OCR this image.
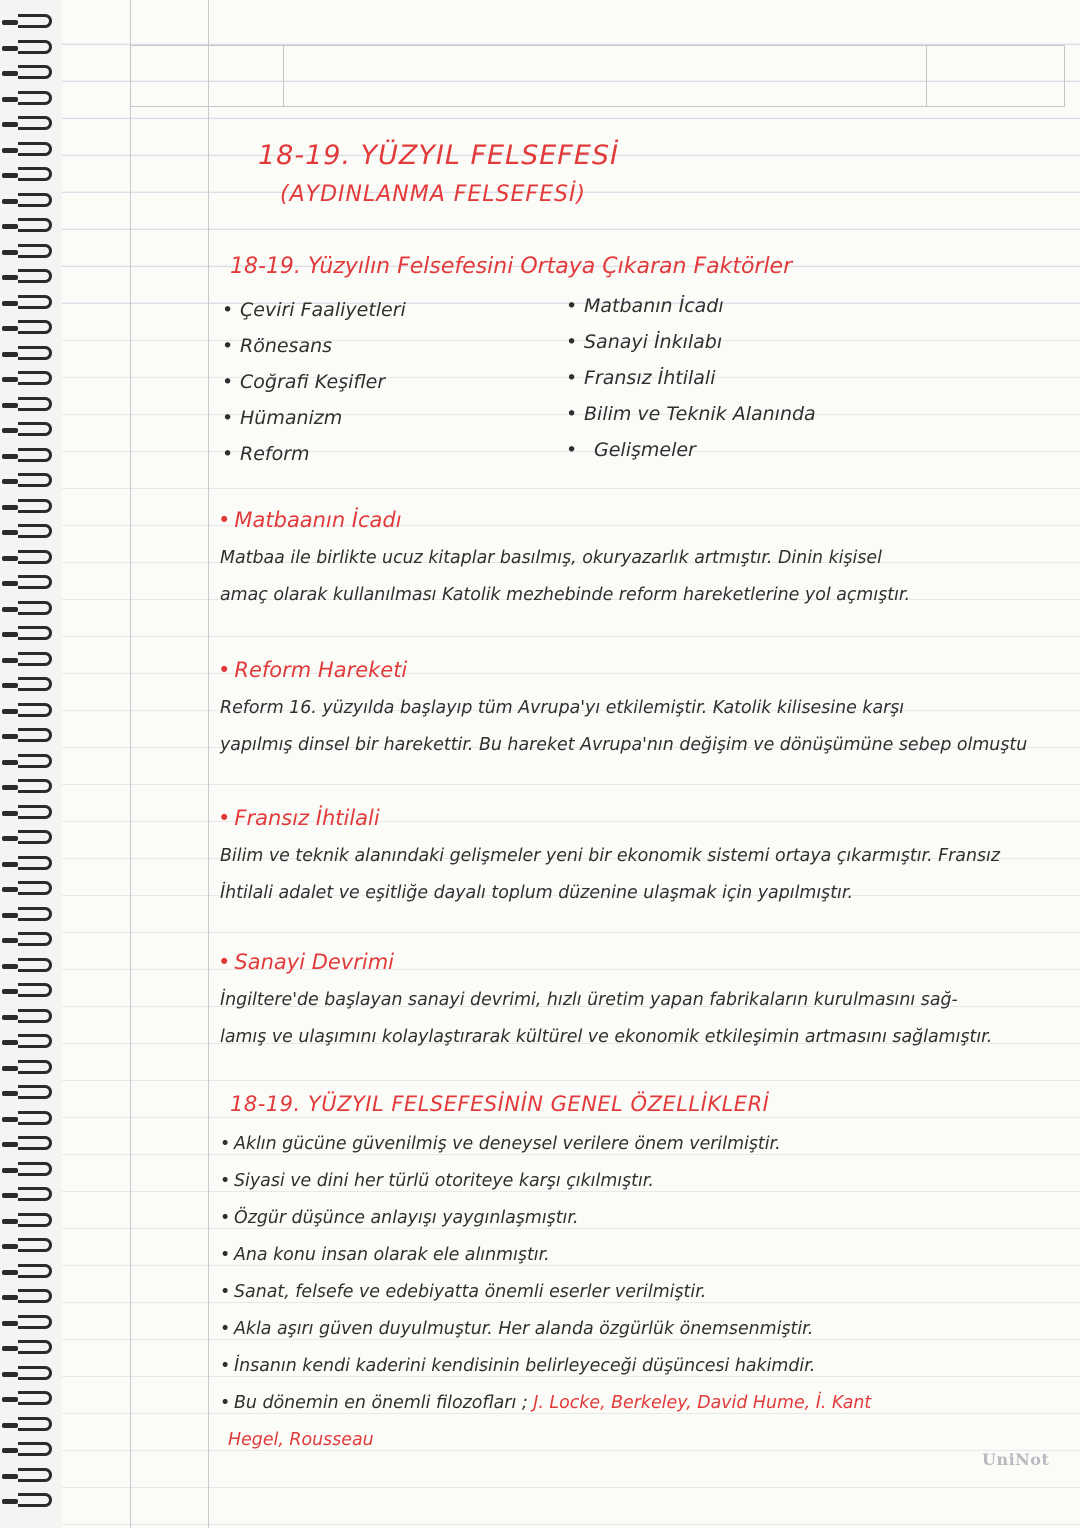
18-19. YÜZYIL FELSEFESİ
(AYDINLANMA FELSEFESİ)
18-19. Yüzyılın Felsefesini Ortaya Çıkaran Faktörler
• Çeviri Faaliyetleri
• Rönesans
• Coğrafi Keşifler
• Hümanizm
• Reform
• Matbanın İcadı
• Sanayi İnkılabı
• Fransız İhtilali
• Bilim ve Teknik Alanında
• Gelişmeler
• Matbaanın İcadı
Matbaa ile birlikte ucuz kitaplar basılmış, okuryazarlık artmıştır. Dinin kişisel
amaç olarak kullanılması Katolik mezhebinde reform hareketlerine yol açmıştır.
• Reform Hareketi
Reform 16. yüzyılda başlayıp tüm Avrupa'yı etkilemiştir. Katolik kilisesine karşı
yapılmış dinsel bir harekettir. Bu hareket Avrupa'nın değişim ve dönüşümüne sebep olmuştu
• Fransız İhtilali
Bilim ve teknik alanındaki gelişmeler yeni bir ekonomik sistemi ortaya çıkarmıştır. Fransız
İhtilali adalet ve eşitliğe dayalı toplum düzenine ulaşmak için yapılmıştır.
• Sanayi Devrimi
İngiltere'de başlayan sanayi devrimi, hızlı üretim yapan fabrikaların kurulmasını sağ-
lamış ve ulaşımını kolaylaştırarak kültürel ve ekonomik etkileşimin artmasını sağlamıştır.
18-19. YÜZYIL FELSEFESİNİN GENEL ÖZELLİKLERİ
• Aklın gücüne güvenilmiş ve deneysel verilere önem verilmiştir.
• Siyasi ve dini her türlü otoriteye karşı çıkılmıştır.
• Özgür düşünce anlayışı yaygınlaşmıştır.
• Ana konu insan olarak ele alınmıştır.
• Sanat, felsefe ve edebiyatta önemli eserler verilmiştir.
• Akla aşırı güven duyulmuştur. Her alanda özgürlük önemsenmiştir.
• İnsanın kendi kaderini kendisinin belirleyeceği düşüncesi hakimdir.
• Bu dönemin en önemli filozofları ; J. Locke, Berkeley, David Hume, İ. Kant
Hegel, Rousseau
UniNot
